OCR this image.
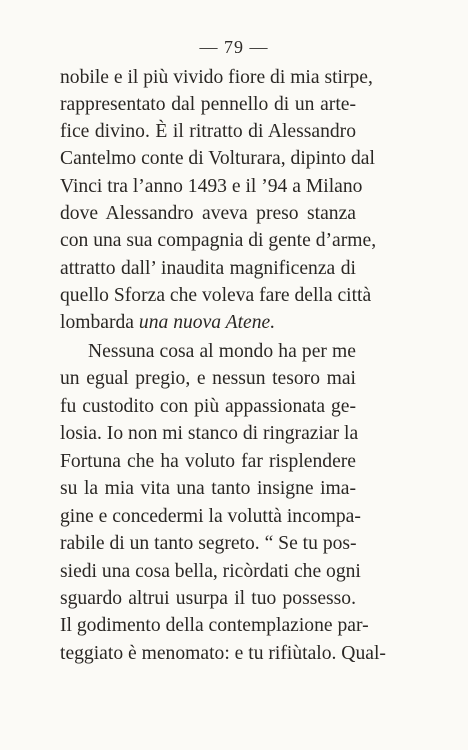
— 79 —
nobile e il più vivido fiore di mia stirpe,
rappresentato dal pennello di un arte-
fice divino. È il ritratto di Alessandro
Cantelmo conte di Volturara, dipinto dal
Vinci tra l’anno 1493 e il ’94 a Milano
dove Alessandro aveva preso stanza
con una sua compagnia di gente d’arme,
attratto dall’ inaudita magnificenza di
quello Sforza che voleva fare della città
lombarda una nuova Atene.
Nessuna cosa al mondo ha per me
un egual pregio, e nessun tesoro mai
fu custodito con più appassionata ge-
losia. Io non mi stanco di ringraziar la
Fortuna che ha voluto far risplendere
su la mia vita una tanto insigne ima-
gine e concedermi la voluttà incompa-
rabile di un tanto segreto. “ Se tu pos-
siedi una cosa bella, ricòrdati che ogni
sguardo altrui usurpa il tuo possesso.
Il godimento della contemplazione par-
teggiato è menomato: e tu rifiùtalo. Qual-
